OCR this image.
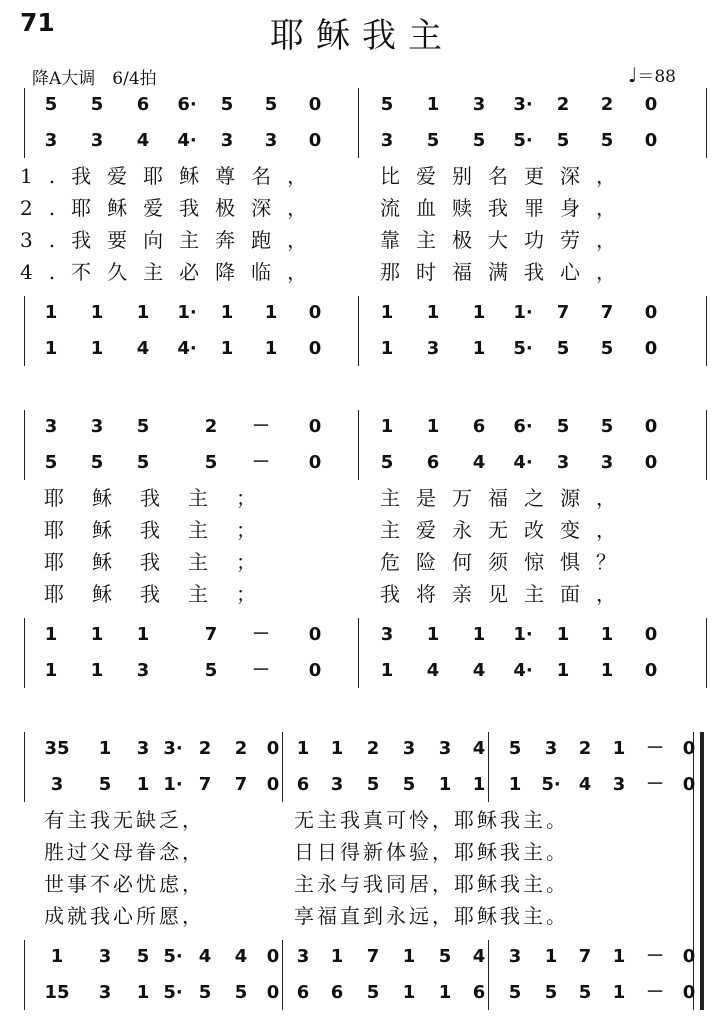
71	耶稣我主
降A大调　6/4拍	♩＝88
5	5	6	6·	5	5	0	5	1	3	3·	2	2	0
3	3	4	4·	3	3	0	3	5	5	5·	5	5	0
1	1	1	1·	1	1	0	1	1	1	1·	7	7	0
1	1	4	4·	1	1	0	1	3	1	5·	5	5	0
1.我爱耶稣尊名，	比爱别名更深，
2.耶稣爱我极深，	流血赎我罪身，
3.我要向主奔跑，	靠主极大功劳，
4.不久主必降临，	那时福满我心，
3	3	5	2	－	0	1	1	6	6·	5	5	0
5	5	5	5	－	0	5	6	4	4·	3	3	0
1	1	1	7	－	0	3	1	1	1·	1	1	0
1	1	3	5	－	0	1	4	4	4·	1	1	0
耶稣我主；	主是万福之源，
耶稣我主；	主爱永无改变，
耶稣我主；	危险何须惊惧？
耶稣我主；	我将亲见主面，
35	1	3 3· 2	2	0 1	1	2	3	3	4	5	3	2	1	－	0
3	5	1 1· 7	7	0 6	3	5	5	1	1	1	5·	4	3	－	0
1	3	5 5· 4	4	0 3	1	7	1	5	4	3	1	7	1	－	0
15	3	1 5· 5	5	0 6	6	5	1	1	6	5	5	5	1	－	0
有主我无缺乏，	无主我真可怜， 耶稣我主。
胜过父母眷念，	日日得新体验， 耶稣我主。
世事不必忧虑，	主永与我同居， 耶稣我主。
成就我心所愿，	享福直到永远， 耶稣我主。
